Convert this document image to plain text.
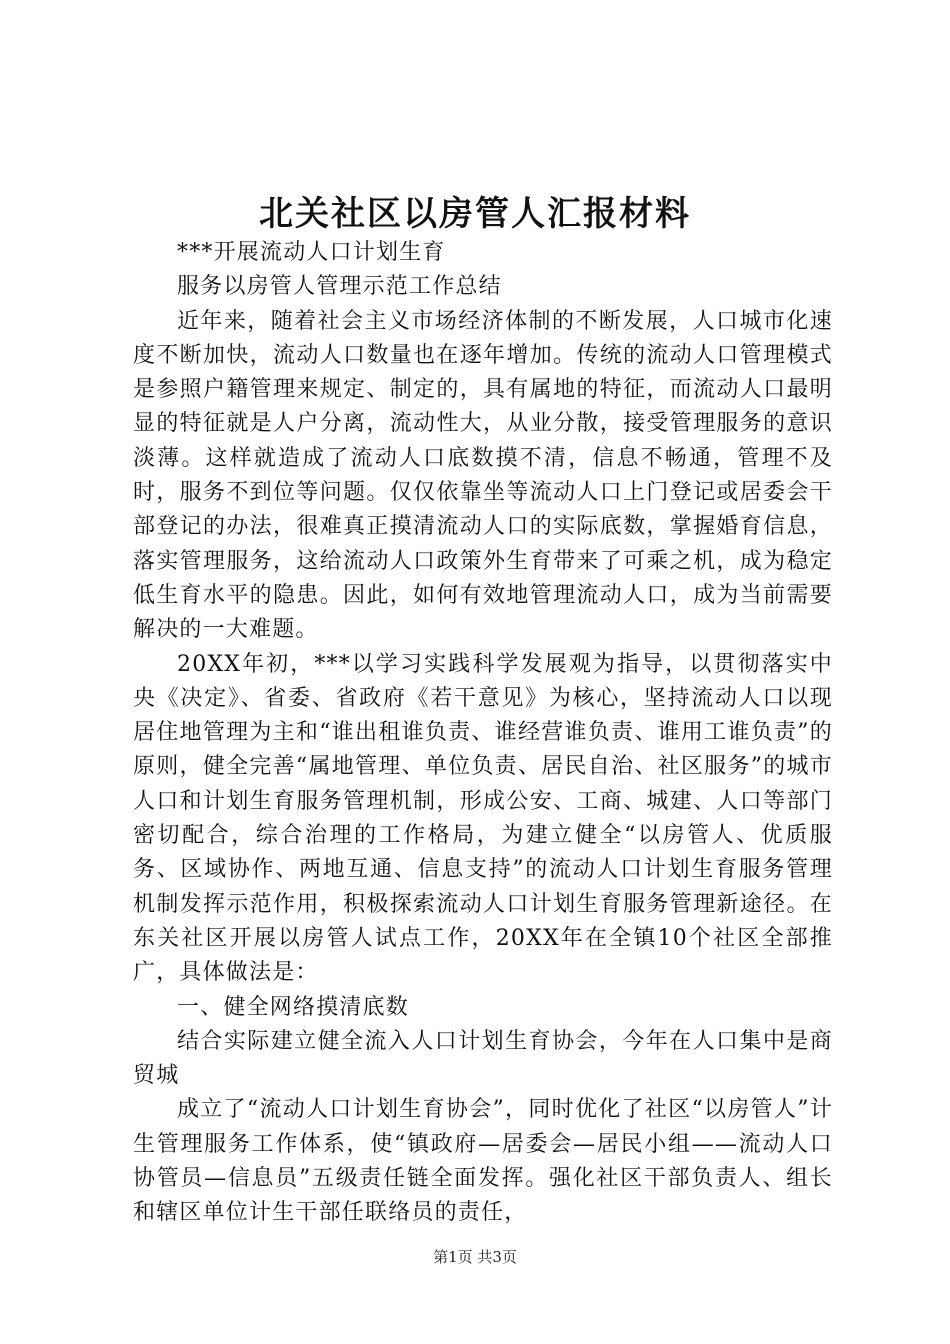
北关社区以房管人汇报材料

***开展流动人口计划生育

服务以房管人管理示范工作总结

近年来，随着社会主义市场经济体制的不断发展，人口城市化速度不断加快，流动人口数量也在逐年增加。传统的流动人口管理模式是参照户籍管理来规定、制定的，具有属地的特征，而流动人口最明显的特征就是人户分离，流动性大，从业分散，接受管理服务的意识淡薄。这样就造成了流动人口底数摸不清，信息不畅通，管理不及时，服务不到位等问题。仅仅依靠坐等流动人口上门登记或居委会干部登记的办法，很难真正摸清流动人口的实际底数，掌握婚育信息，落实管理服务，这给流动人口政策外生育带来了可乘之机，成为稳定低生育水平的隐患。因此，如何有效地管理流动人口，成为当前需要解决的一大难题。

20XX年初，***以学习实践科学发展观为指导，以贯彻落实中央《决定》、省委、省政府《若干意见》为核心，坚持流动人口以现居住地管理为主和“谁出租谁负责、谁经营谁负责、谁用工谁负责”的原则，健全完善“属地管理、单位负责、居民自治、社区服务”的城市人口和计划生育服务管理机制，形成公安、工商、城建、人口等部门密切配合，综合治理的工作格局，为建立健全“以房管人、优质服务、区域协作、两地互通、信息支持”的流动人口计划生育服务管理机制发挥示范作用，积极探索流动人口计划生育服务管理新途径。在东关社区开展以房管人试点工作，20XX年在全镇10个社区全部推广，具体做法是：

一、健全网络摸清底数

结合实际建立健全流入人口计划生育协会，今年在人口集中是商贸城

成立了“流动人口计划生育协会”，同时优化了社区“以房管人”计生管理服务工作体系，使“镇政府—居委会—居民小组——流动人口协管员—信息员”五级责任链全面发挥。强化社区干部负责人、组长和辖区单位计生干部任联络员的责任，

第1页 共3页
